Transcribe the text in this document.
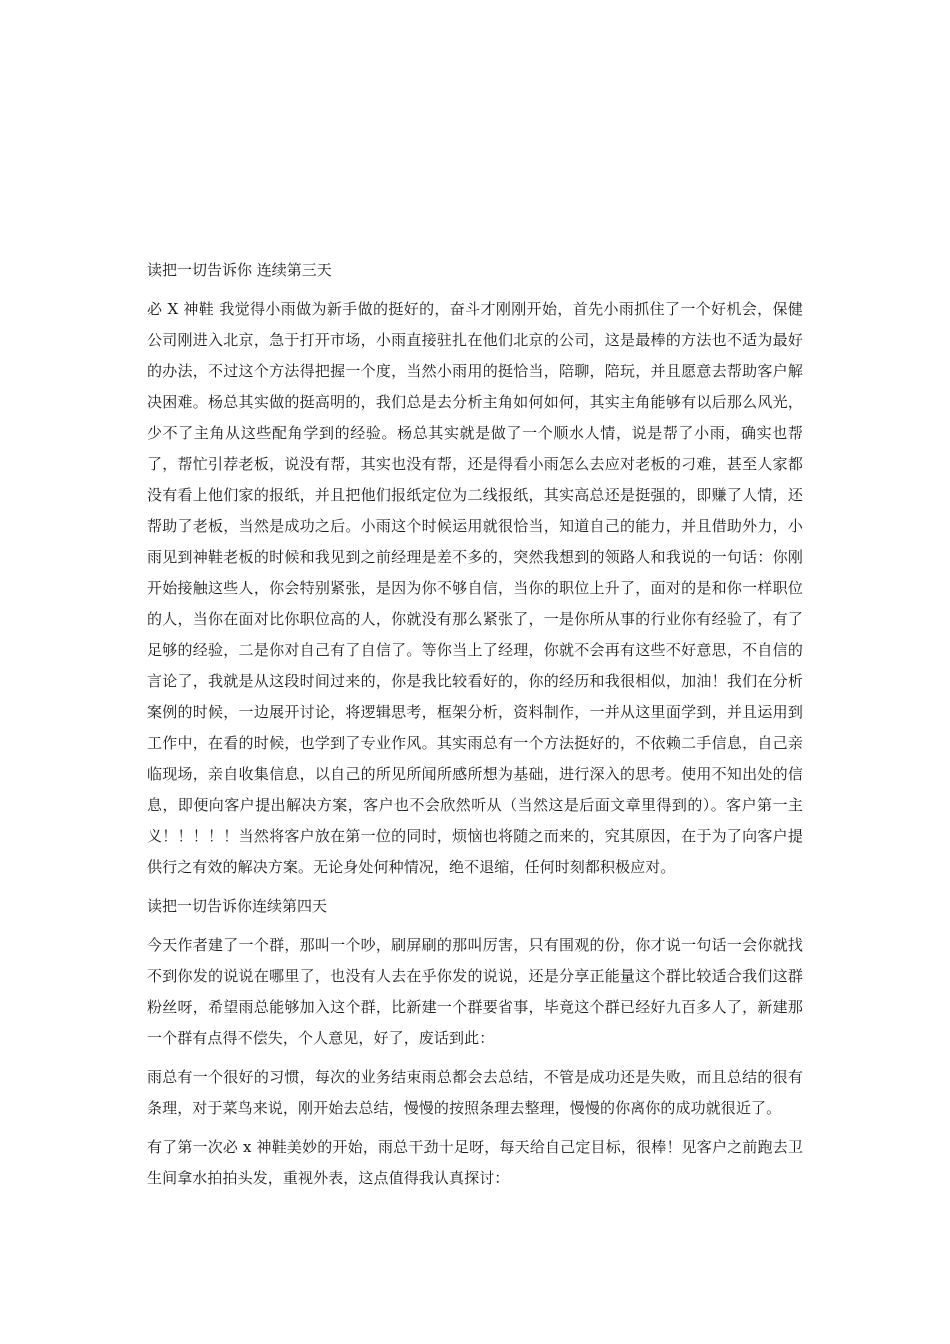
读把一切告诉你 连续第三天

必 X 神鞋 我觉得小雨做为新手做的挺好的，奋斗才刚刚开始，首先小雨抓住了一个好机会，保健公司刚进入北京，急于打开市场，小雨直接驻扎在他们北京的公司，这是最棒的方法也不适为最好的办法，不过这个方法得把握一个度，当然小雨用的挺恰当，陪聊，陪玩，并且愿意去帮助客户解决困难。杨总其实做的挺高明的，我们总是去分析主角如何如何，其实主角能够有以后那么风光，少不了主角从这些配角学到的经验。杨总其实就是做了一个顺水人情，说是帮了小雨，确实也帮了，帮忙引荐老板，说没有帮，其实也没有帮，还是得看小雨怎么去应对老板的刁难，甚至人家都没有看上他们家的报纸，并且把他们报纸定位为二线报纸，其实高总还是挺强的，即赚了人情，还帮助了老板，当然是成功之后。小雨这个时候运用就很恰当，知道自己的能力，并且借助外力，小雨见到神鞋老板的时候和我见到之前经理是差不多的，突然我想到的领路人和我说的一句话：你刚开始接触这些人，你会特别紧张，是因为你不够自信，当你的职位上升了，面对的是和你一样职位的人，当你在面对比你职位高的人，你就没有那么紧张了，一是你所从事的行业你有经验了，有了足够的经验，二是你对自己有了自信了。等你当上了经理，你就不会再有这些不好意思，不自信的言论了，我就是从这段时间过来的，你是我比较看好的，你的经历和我很相似，加油！我们在分析案例的时候，一边展开讨论，将逻辑思考，框架分析，资料制作，一并从这里面学到，并且运用到工作中，在看的时候，也学到了专业作风。其实雨总有一个方法挺好的，不依赖二手信息，自己亲临现场，亲自收集信息，以自己的所见所闻所感所想为基础，进行深入的思考。使用不知出处的信息，即便向客户提出解决方案，客户也不会欣然听从（当然这是后面文章里得到的）。客户第一主义！！！！！当然将客户放在第一位的同时，烦恼也将随之而来的，究其原因，在于为了向客户提供行之有效的解决方案。无论身处何种情况，绝不退缩，任何时刻都积极应对。

读把一切告诉你连续第四天

今天作者建了一个群，那叫一个吵，刷屏刷的那叫厉害，只有围观的份，你才说一句话一会你就找不到你发的说说在哪里了，也没有人去在乎你发的说说，还是分享正能量这个群比较适合我们这群粉丝呀，希望雨总能够加入这个群，比新建一个群要省事，毕竟这个群已经好九百多人了，新建那一个群有点得不偿失，个人意见，好了，废话到此：

雨总有一个很好的习惯，每次的业务结束雨总都会去总结，不管是成功还是失败，而且总结的很有条理，对于菜鸟来说，刚开始去总结，慢慢的按照条理去整理，慢慢的你离你的成功就很近了。

有了第一次必 x 神鞋美妙的开始，雨总干劲十足呀，每天给自己定目标，很棒！见客户之前跑去卫生间拿水拍拍头发，重视外表，这点值得我认真探讨：
